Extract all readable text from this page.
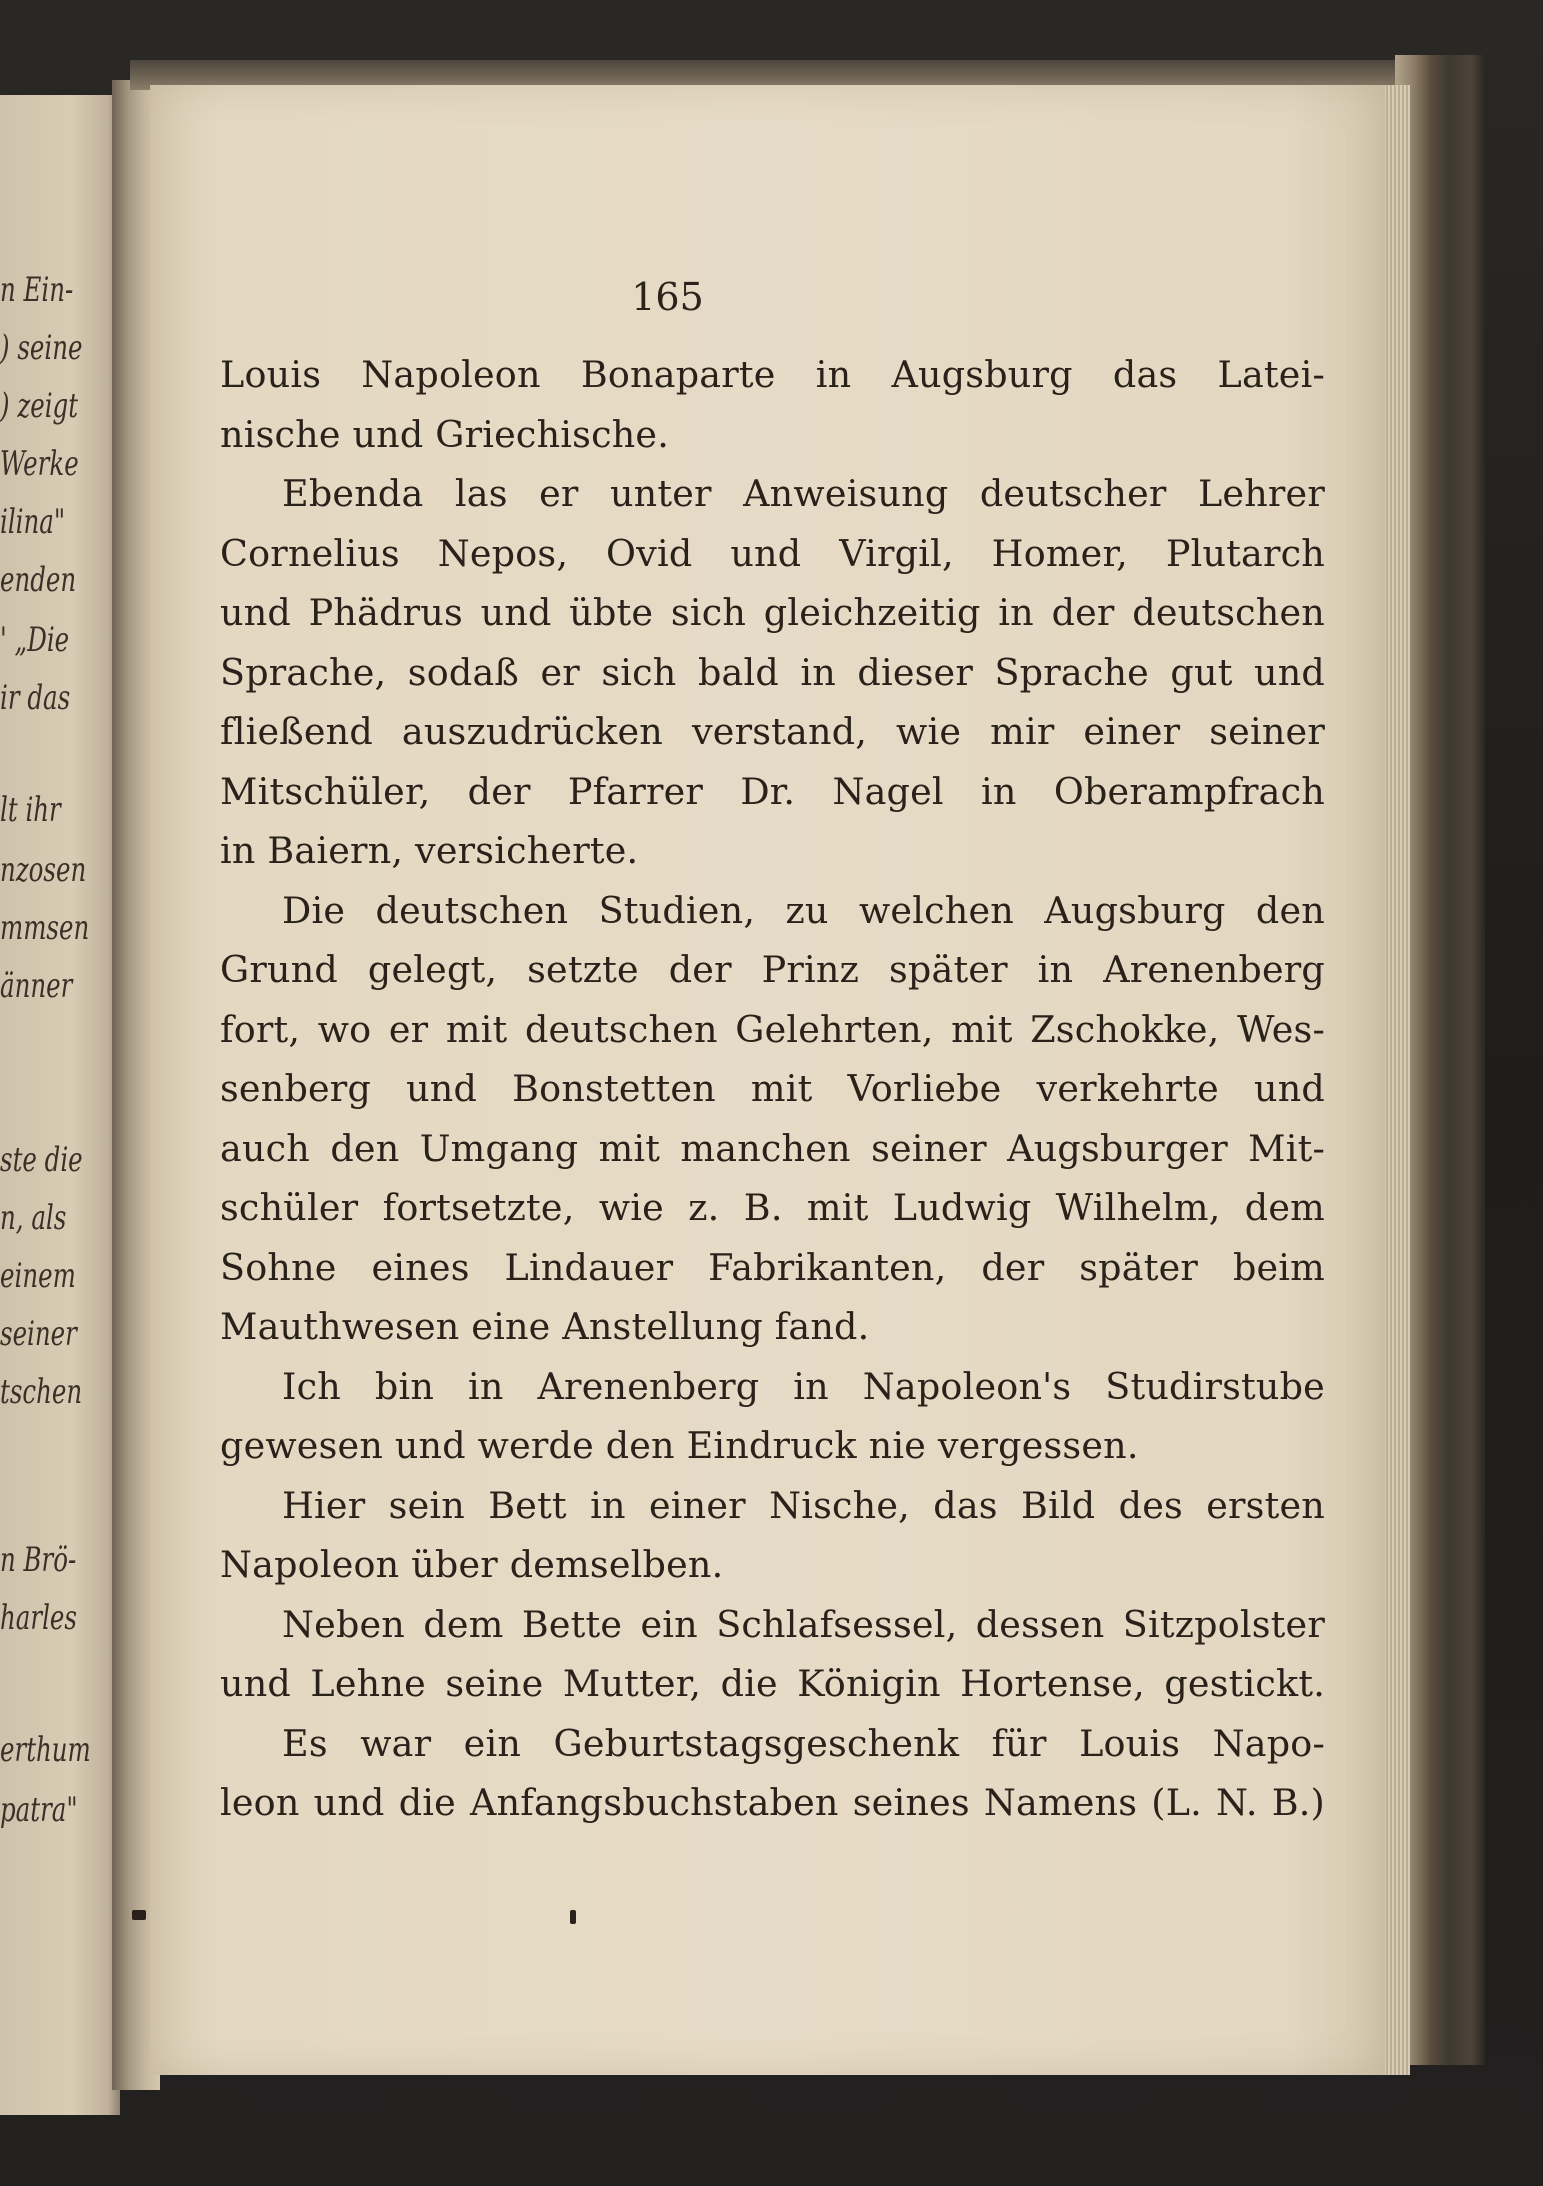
n Ein-
) seine
) zeigt
Werke
ilina"
enden
' „Die
ir das
lt ihr
nzosen
mmsen
änner
ste die
n, als
einem
seiner
tschen
n Brö-
harles
erthum
patra"
165
Louis Napoleon Bonaparte in Augsburg das Latei-
nische und Griechische.
Ebenda las er unter Anweisung deutscher Lehrer
Cornelius Nepos, Ovid und Virgil, Homer, Plutarch
und Phädrus und übte sich gleichzeitig in der deutschen
Sprache, sodaß er sich bald in dieser Sprache gut und
fließend auszudrücken verstand, wie mir einer seiner
Mitschüler, der Pfarrer Dr. Nagel in Oberampfrach
in Baiern, versicherte.
Die deutschen Studien, zu welchen Augsburg den
Grund gelegt, setzte der Prinz später in Arenenberg
fort, wo er mit deutschen Gelehrten, mit Zschokke, Wes-
senberg und Bonstetten mit Vorliebe verkehrte und
auch den Umgang mit manchen seiner Augsburger Mit-
schüler fortsetzte, wie z. B. mit Ludwig Wilhelm, dem
Sohne eines Lindauer Fabrikanten, der später beim
Mauthwesen eine Anstellung fand.
Ich bin in Arenenberg in Napoleon's Studirstube
gewesen und werde den Eindruck nie vergessen.
Hier sein Bett in einer Nische, das Bild des ersten
Napoleon über demselben.
Neben dem Bette ein Schlafsessel, dessen Sitzpolster
und Lehne seine Mutter, die Königin Hortense, gestickt.
Es war ein Geburtstagsgeschenk für Louis Napo-
leon und die Anfangsbuchstaben seines Namens (L. N. B.)
